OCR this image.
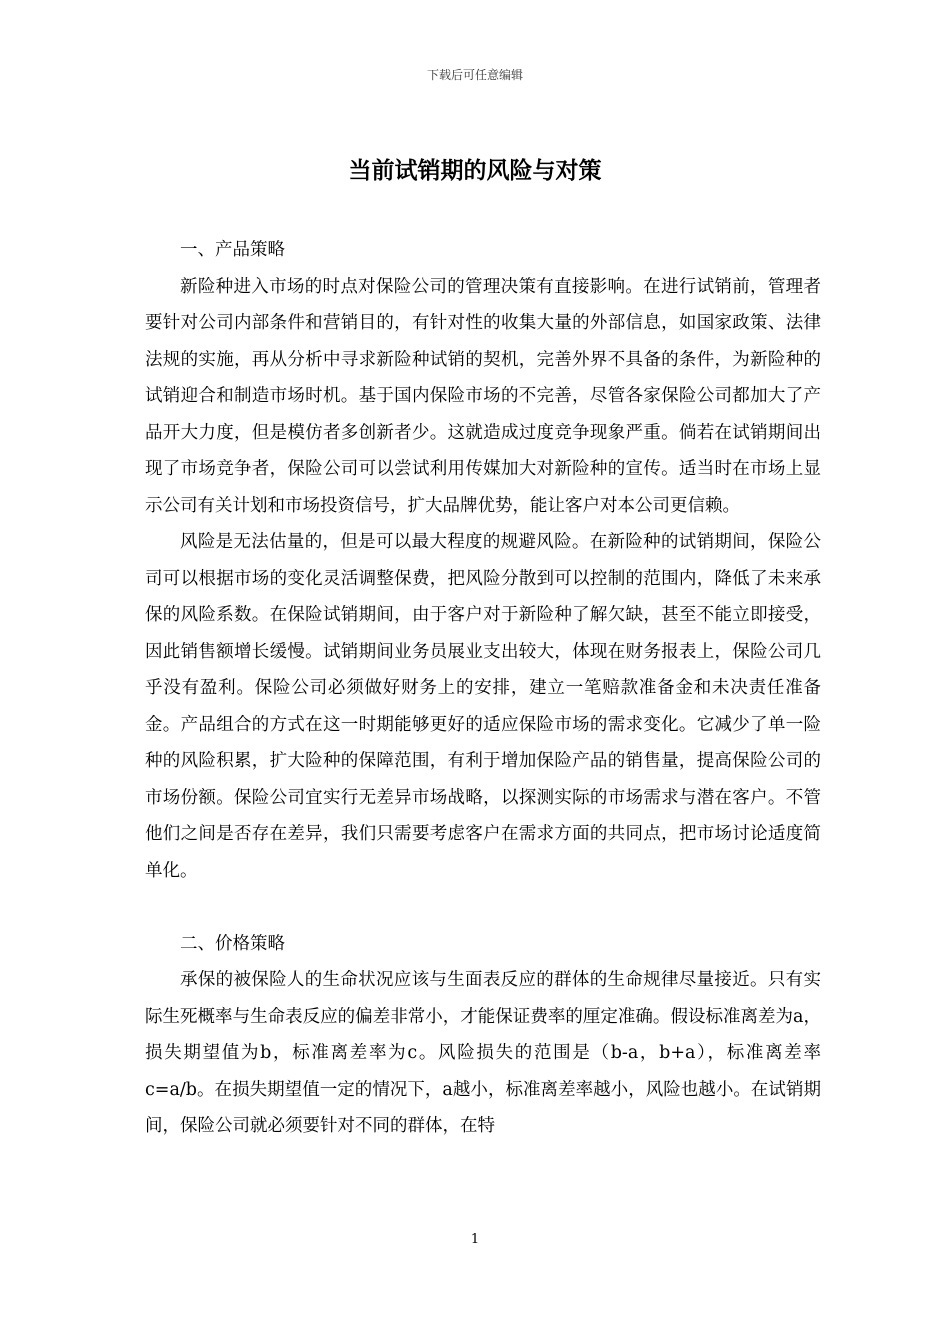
下载后可任意编辑
当前试销期的风险与对策

一、产品策略

新险种进入市场的时点对保险公司的管理决策有直接影响。在进行试销前，管理者要针对公司内部条件和营销目的，有针对性的收集大量的外部信息，如国家政策、法律法规的实施，再从分析中寻求新险种试销的契机，完善外界不具备的条件，为新险种的试销迎合和制造市场时机。基于国内保险市场的不完善，尽管各家保险公司都加大了产品开大力度，但是模仿者多创新者少。这就造成过度竞争现象严重。倘若在试销期间出现了市场竞争者，保险公司可以尝试利用传媒加大对新险种的宣传。适当时在市场上显示公司有关计划和市场投资信号，扩大品牌优势，能让客户对本公司更信赖。

风险是无法估量的，但是可以最大程度的规避风险。在新险种的试销期间，保险公司可以根据市场的变化灵活调整保费，把风险分散到可以控制的范围内，降低了未来承保的风险系数。在保险试销期间，由于客户对于新险种了解欠缺，甚至不能立即接受，因此销售额增长缓慢。试销期间业务员展业支出较大，体现在财务报表上，保险公司几乎没有盈利。保险公司必须做好财务上的安排，建立一笔赔款准备金和未决责任准备金。产品组合的方式在这一时期能够更好的适应保险市场的需求变化。它减少了单一险种的风险积累，扩大险种的保障范围，有利于增加保险产品的销售量，提高保险公司的市场份额。保险公司宜实行无差异市场战略，以探测实际的市场需求与潜在客户。不管他们之间是否存在差异，我们只需要考虑客户在需求方面的共同点，把市场讨论适度简单化。

二、价格策略

承保的被保险人的生命状况应该与生面表反应的群体的生命规律尽量接近。只有实际生死概率与生命表反应的偏差非常小，才能保证费率的厘定准确。假设标准离差为a，损失期望值为b，标准离差率为c。风险损失的范围是（b-a，b+a），标准离差率 c=a/b。在损失期望值一定的情况下，a越小，标准离差率越小，风险也越小。在试销期间，保险公司就必须要针对不同的群体，在特

1
